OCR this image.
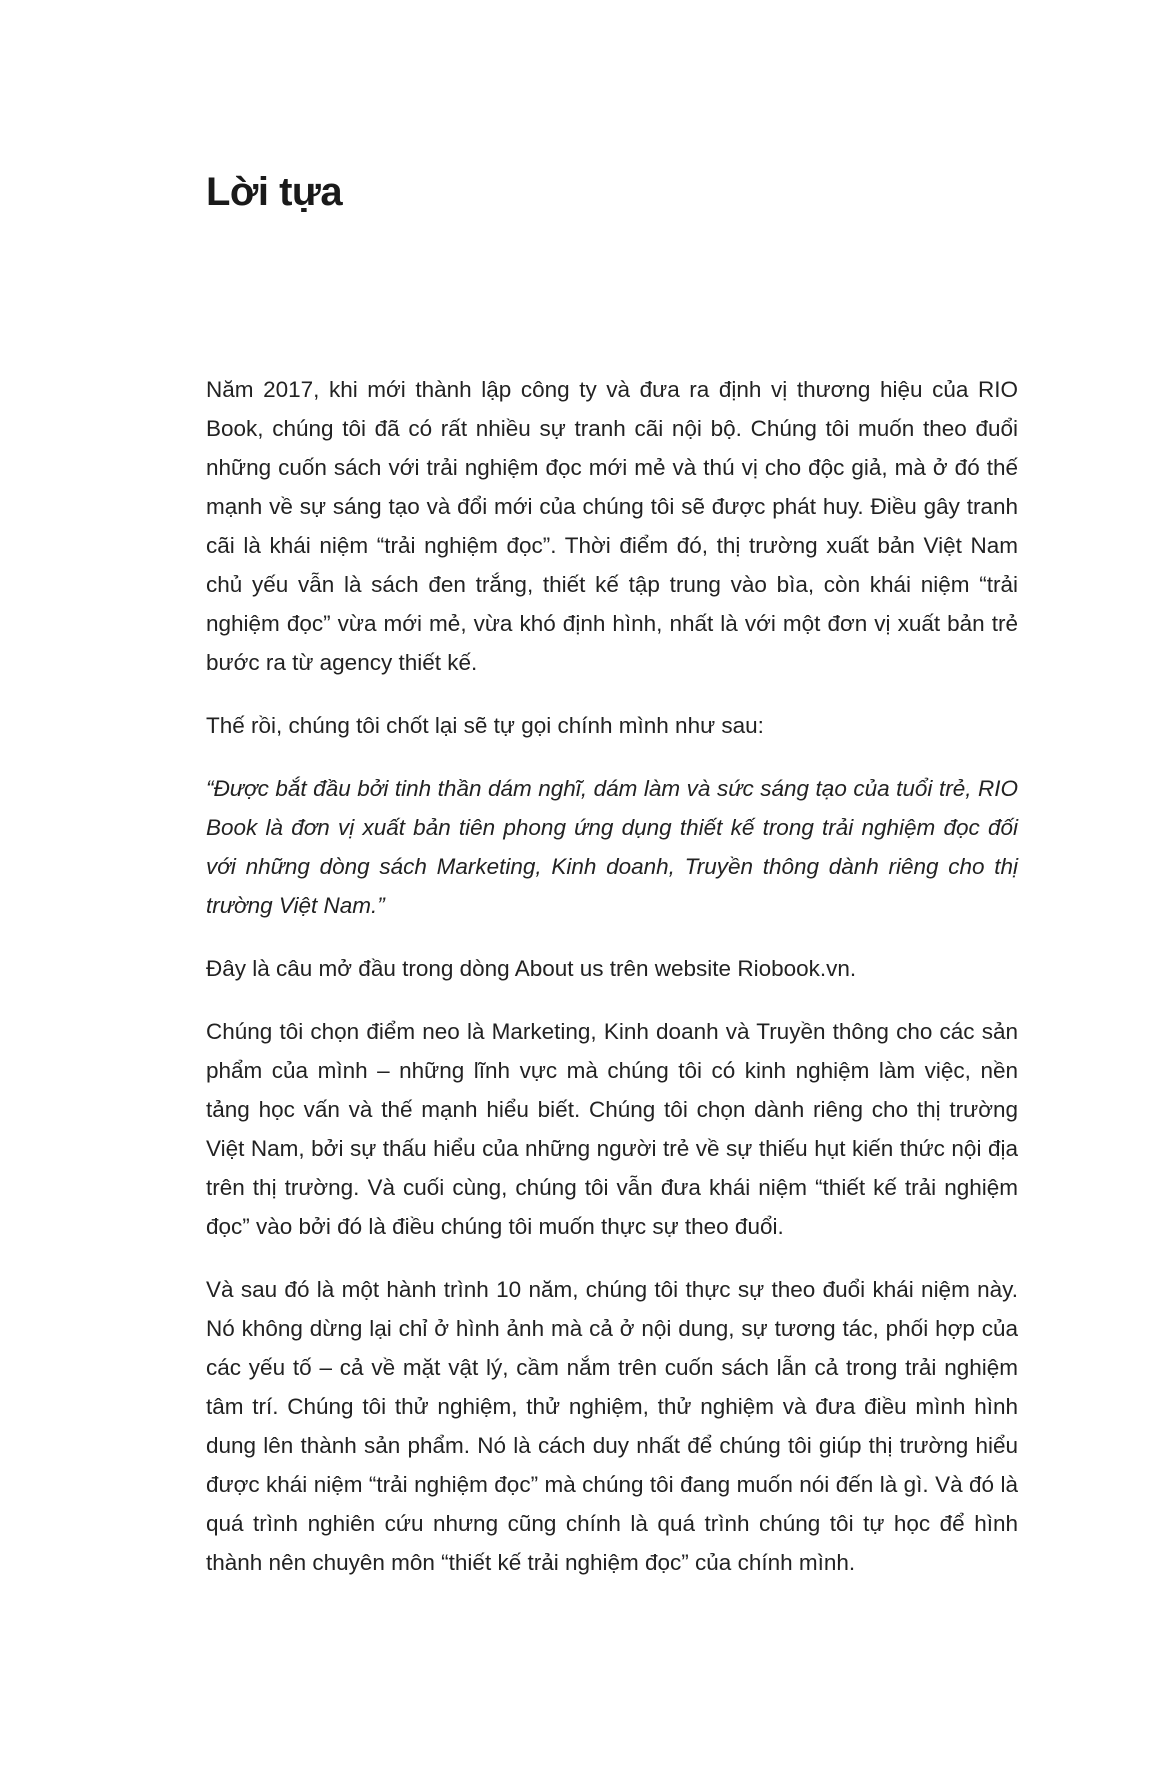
Lời tựa

Năm 2017, khi mới thành lập công ty và đưa ra định vị thương hiệu của RIO Book, chúng tôi đã có rất nhiều sự tranh cãi nội bộ. Chúng tôi muốn theo đuổi những cuốn sách với trải nghiệm đọc mới mẻ và thú vị cho độc giả, mà ở đó thế mạnh về sự sáng tạo và đổi mới của chúng tôi sẽ được phát huy. Điều gây tranh cãi là khái niệm “trải nghiệm đọc”. Thời điểm đó, thị trường xuất bản Việt Nam chủ yếu vẫn là sách đen trắng, thiết kế tập trung vào bìa, còn khái niệm “trải nghiệm đọc” vừa mới mẻ, vừa khó định hình, nhất là với một đơn vị xuất bản trẻ bước ra từ agency thiết kế.

Thế rồi, chúng tôi chốt lại sẽ tự gọi chính mình như sau:

“Được bắt đầu bởi tinh thần dám nghĩ, dám làm và sức sáng tạo của tuổi trẻ, RIO Book là đơn vị xuất bản tiên phong ứng dụng thiết kế trong trải nghiệm đọc đối với những dòng sách Marketing, Kinh doanh, Truyền thông dành riêng cho thị trường Việt Nam.”

Đây là câu mở đầu trong dòng About us trên website Riobook.vn.

Chúng tôi chọn điểm neo là Marketing, Kinh doanh và Truyền thông cho các sản phẩm của mình – những lĩnh vực mà chúng tôi có kinh nghiệm làm việc, nền tảng học vấn và thế mạnh hiểu biết. Chúng tôi chọn dành riêng cho thị trường Việt Nam, bởi sự thấu hiểu của những người trẻ về sự thiếu hụt kiến thức nội địa trên thị trường. Và cuối cùng, chúng tôi vẫn đưa khái niệm “thiết kế trải nghiệm đọc” vào bởi đó là điều chúng tôi muốn thực sự theo đuổi.

Và sau đó là một hành trình 10 năm, chúng tôi thực sự theo đuổi khái niệm này. Nó không dừng lại chỉ ở hình ảnh mà cả ở nội dung, sự tương tác, phối hợp của các yếu tố – cả về mặt vật lý, cầm nắm trên cuốn sách lẫn cả trong trải nghiệm tâm trí. Chúng tôi thử nghiệm, thử nghiệm, thử nghiệm và đưa điều mình hình dung lên thành sản phẩm. Nó là cách duy nhất để chúng tôi giúp thị trường hiểu được khái niệm “trải nghiệm đọc” mà chúng tôi đang muốn nói đến là gì. Và đó là quá trình nghiên cứu nhưng cũng chính là quá trình chúng tôi tự học để hình thành nên chuyên môn “thiết kế trải nghiệm đọc” của chính mình.
